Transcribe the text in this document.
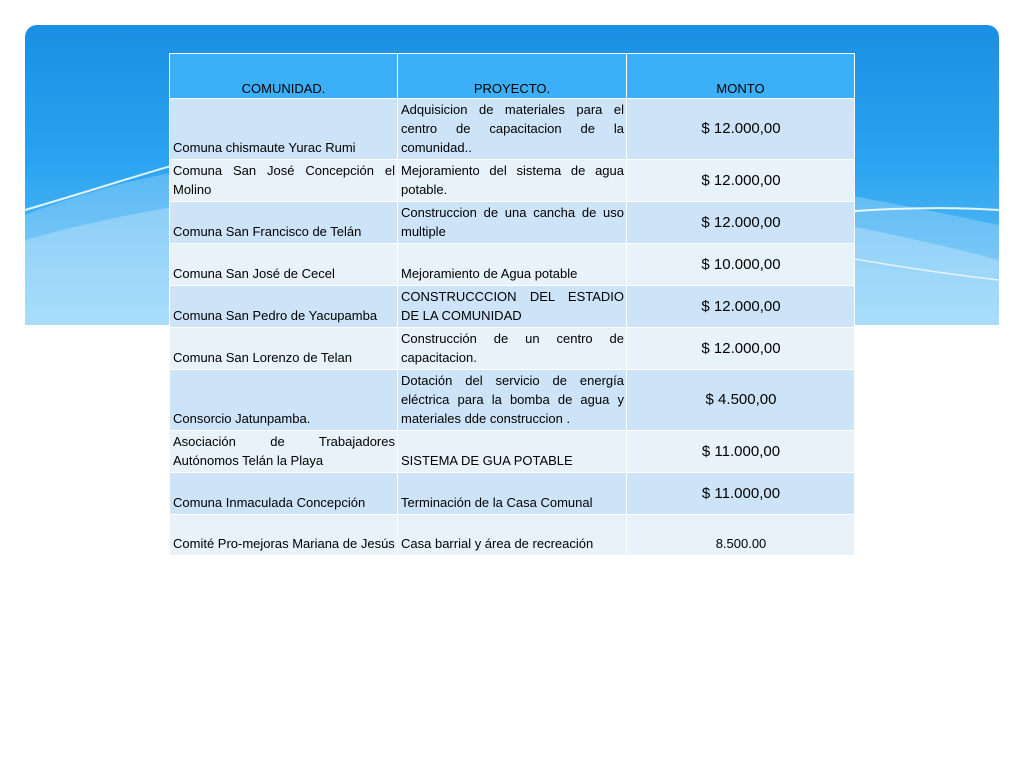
COMUNIDAD.	PROYECTO.	MONTO
Comuna chismaute Yurac Rumi	Adquisicion de materiales para el centro de capacitacion de la comunidad..	$ 12.000,00
Comuna San José Concepción el Molino	Mejoramiento del sistema de agua potable.	$ 12.000,00
Comuna San Francisco de Telán	Construccion de una cancha de uso multiple	$ 12.000,00
Comuna San José de Cecel	Mejoramiento de Agua potable	$ 10.000,00
Comuna San Pedro de Yacupamba	CONSTRUCCCION DEL ESTADIO DE LA COMUNIDAD	$ 12.000,00
Comuna San Lorenzo de Telan	Construcción de un centro de capacitacion.	$ 12.000,00
Consorcio Jatunpamba.	Dotación del servicio de energía eléctrica para la bomba de agua y materiales dde construccion .	$ 4.500,00
Asociación de Trabajadores Autónomos Telán la Playa	SISTEMA DE GUA POTABLE	$ 11.000,00
Comuna Inmaculada Concepción	Terminación de la Casa Comunal	$ 11.000,00
Comité Pro-mejoras Mariana de Jesús	Casa barrial y área de recreación	8.500.00
